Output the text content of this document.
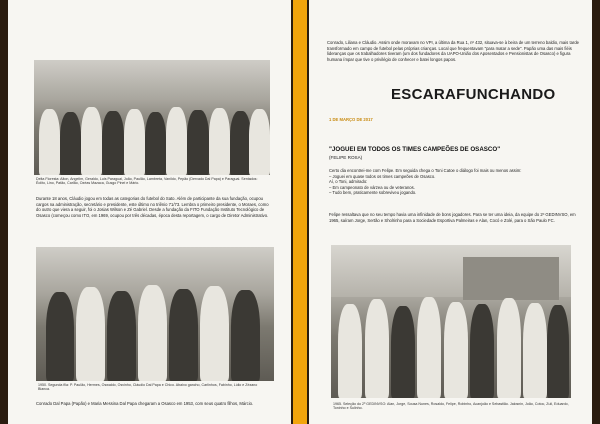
Delta Floresta: Alton, Angelim, Geraldo, Luis Paraguai, João, Paulão, Lambreta, Vanildo, Pepão (Dervado Dal Papa) e Paraguai. Sentados: Éolito, Lino, Patão, Carlão, Ozéas Mazaca, Gusgo Pinel e Mário.
Durante 18 anos, Cláudio jogou em todas as categorias do futebol do Sato. Além de participante da sua fundação, ocupou cargos na administração, secretário e presidente, este último no triênio 71/73. Lembra o primeiro presidente, o Moraes, como do outro que viera a seguir, foi o Josias Wilson e Zé Gabriel. Desde a fundação da FITO Fundação Instituto Tecnológico de Osasco (começou como ITO, em 1969, ocupou por três décadas, época desta reportagem, o cargo de Diretor Administrativo.
1950. Segunda fila: P. Paulão, Hermes, Oswaldo, Osvinho, Cláudio Dal Papa e Chico. Abaixo gancho, Carlinhos, Fabinho, Lúlio e Zézano Bianca.
Conrado Dal Papa (Papão) e Maria Messina Dal Papa chegaram a Osasco em 1953, com seus quatro filhos, Márcio.
Conrado, Liliana e Cláudio. Assim onde moravam no VPI, a última da Rua 1, nº 432, situava-se à beira de um terreno baldio, mais tarde transformado em campo de futebol pelas próprias crianças. Local que frequentavam "para matar a sede". Papão uma das mais fiéis lideranças que os trabalhadores tiveram (um dos fundadores da UAPO-União dos Aposentados e Pensionistas de Osasco) e figura humana ímpar que tive o privilégio de conhecer e batei longos papos.
ESCARAFUNCHANDO
1 DE MARÇO DE 2017
"JOGUEI EM TODOS OS TIMES CAMPEÕES DE OSASCO"
(FELIPE ROSA)
Certo dia encontrei-me com Felipe. Em seguida chega o Toni Catoe o diálogo foi mais ou menos assim:
– Joguei em quase todos os times campeões de Osasco.
Aí, o Toni, admirado:
– Em campeonato de várzea ou de veteranos.
– Tudo bem, praticamente sobreviveu jogando.
Felipe ressaltava que no seu tempo havia uma infinidade de bons jogadores. Para se ter uma ideia, da equipe do 2º GEDINVSO, em 1965, saíram Jorge, Sertão e Sholrinho para a Sociedade Esportiva Palmeiras e Alan, Cocó e Zolé, para o São Paulo FC.
1965. Seleção do 2º GEDINVSO: Alan, Jorge, Sousa Nunes, Rosaldo, Felipe, Robinho, Acanjoão e Sebastião. Jalosnin, João, Cotoc, Zuli, Eduardo, Toninho e Sulinho.
